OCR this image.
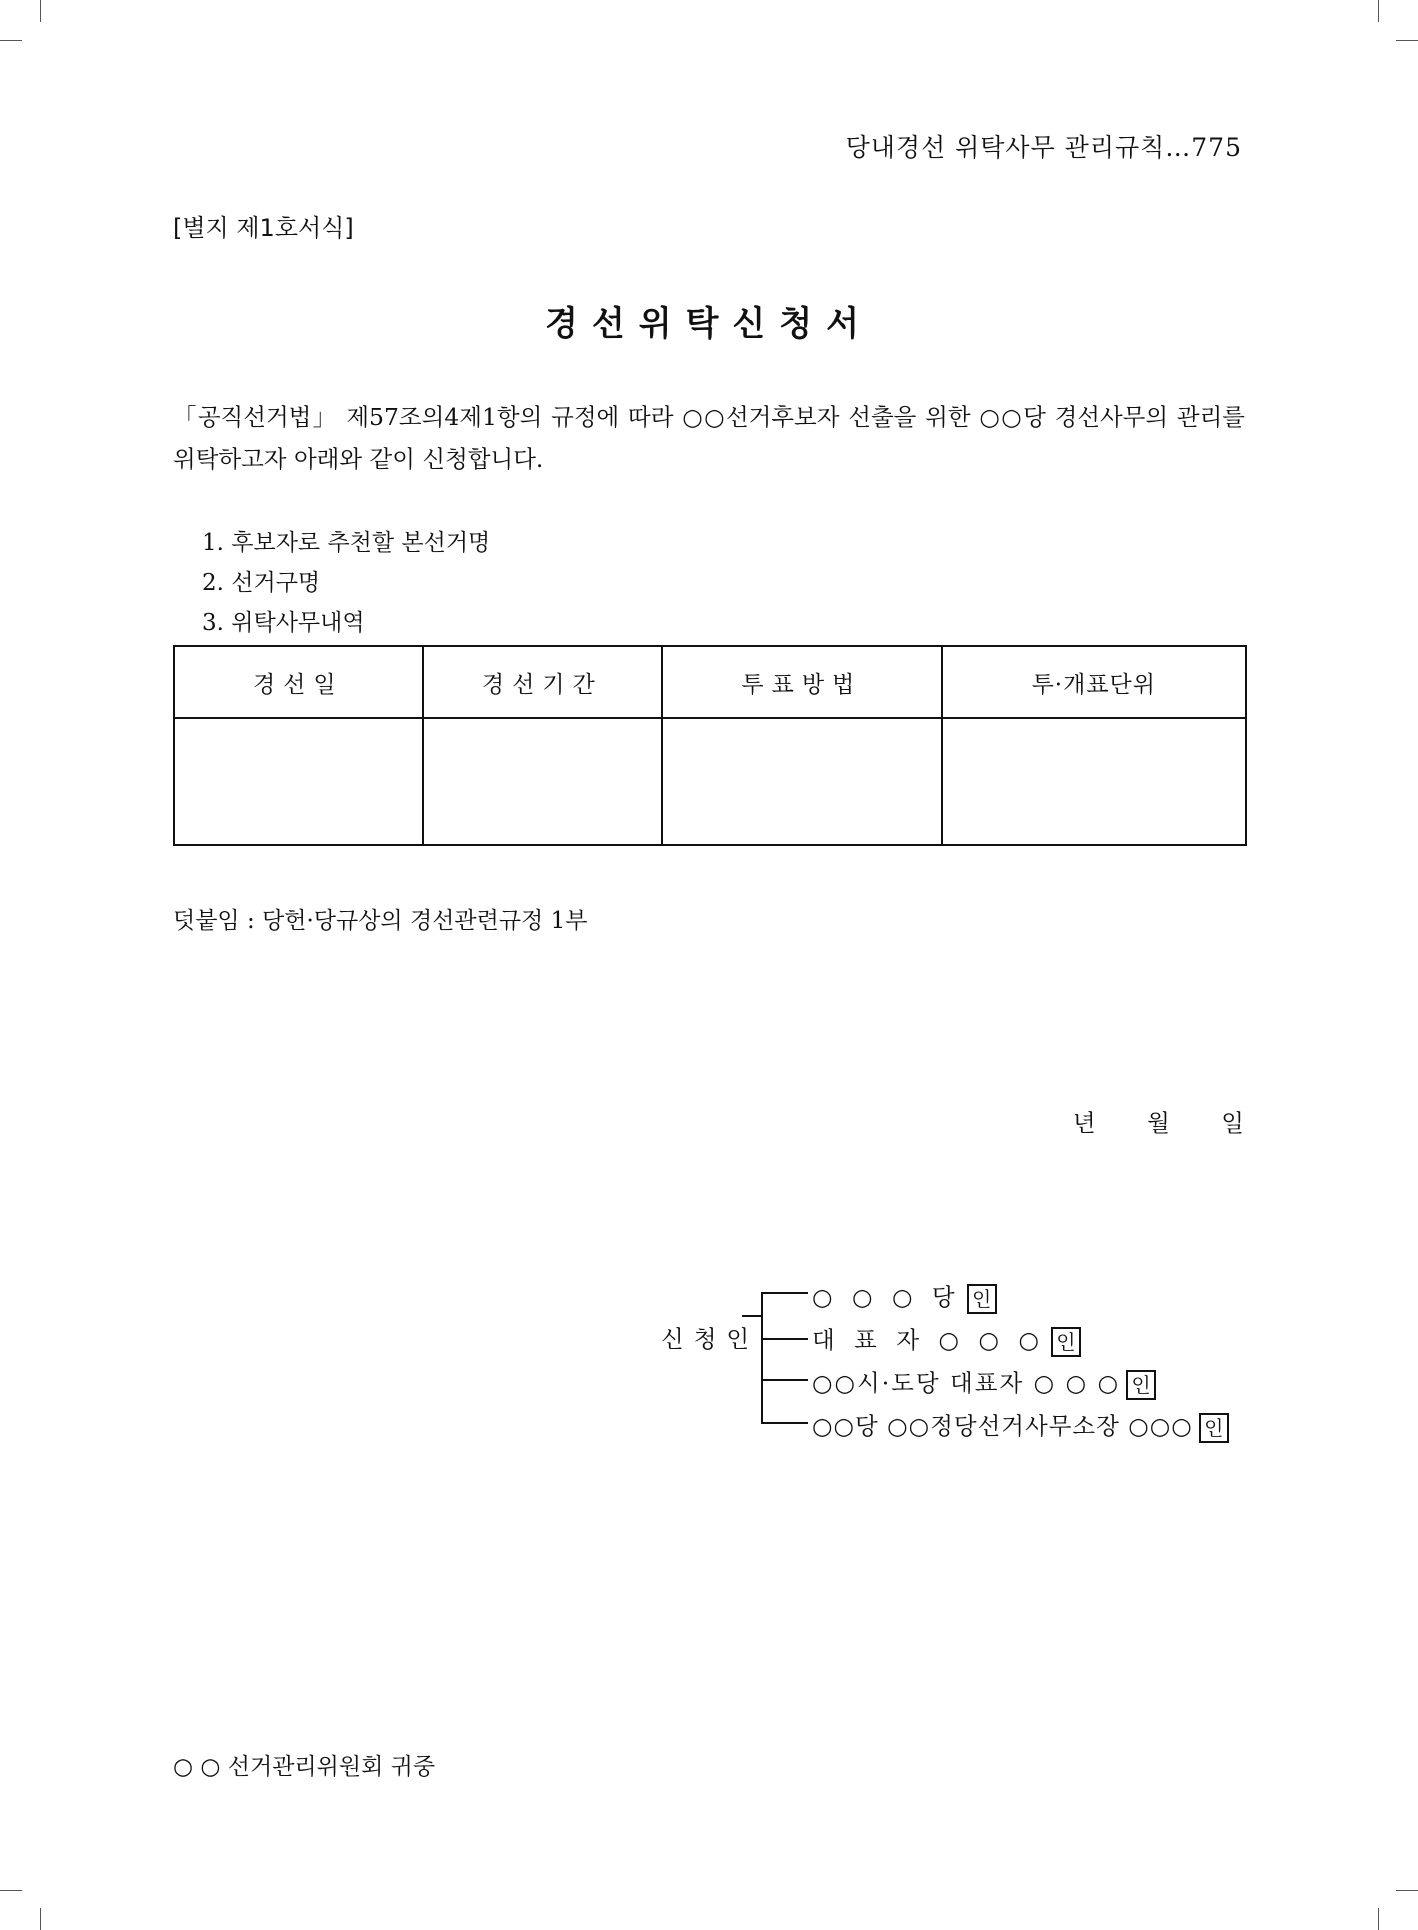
당내경선 위탁사무 관리규칙…775
[별지 제1호서식]
경선위탁신청서
「공직선거법」 제57조의4제1항의 규정에 따라 ○○선거후보자 선출을 위한 ○○당 경선사무의 관리를 위탁하고자 아래와 같이 신청합니다.
1. 후보자로 추천할 본선거명
2. 선거구명
3. 위탁사무내역
경선일	경선기간	투표방법	투·개표단위

덧붙임 : 당헌·당규상의 경선관련규정 1부
년 월 일
신청인
○ ○ ○ 당 인
대 표 자 ○ ○ ○ 인
○○시·도당 대표자 ○ ○ ○ 인
○○당 ○○정당선거사무소장 ○○○ 인
○ ○ 선거관리위원회 귀중
